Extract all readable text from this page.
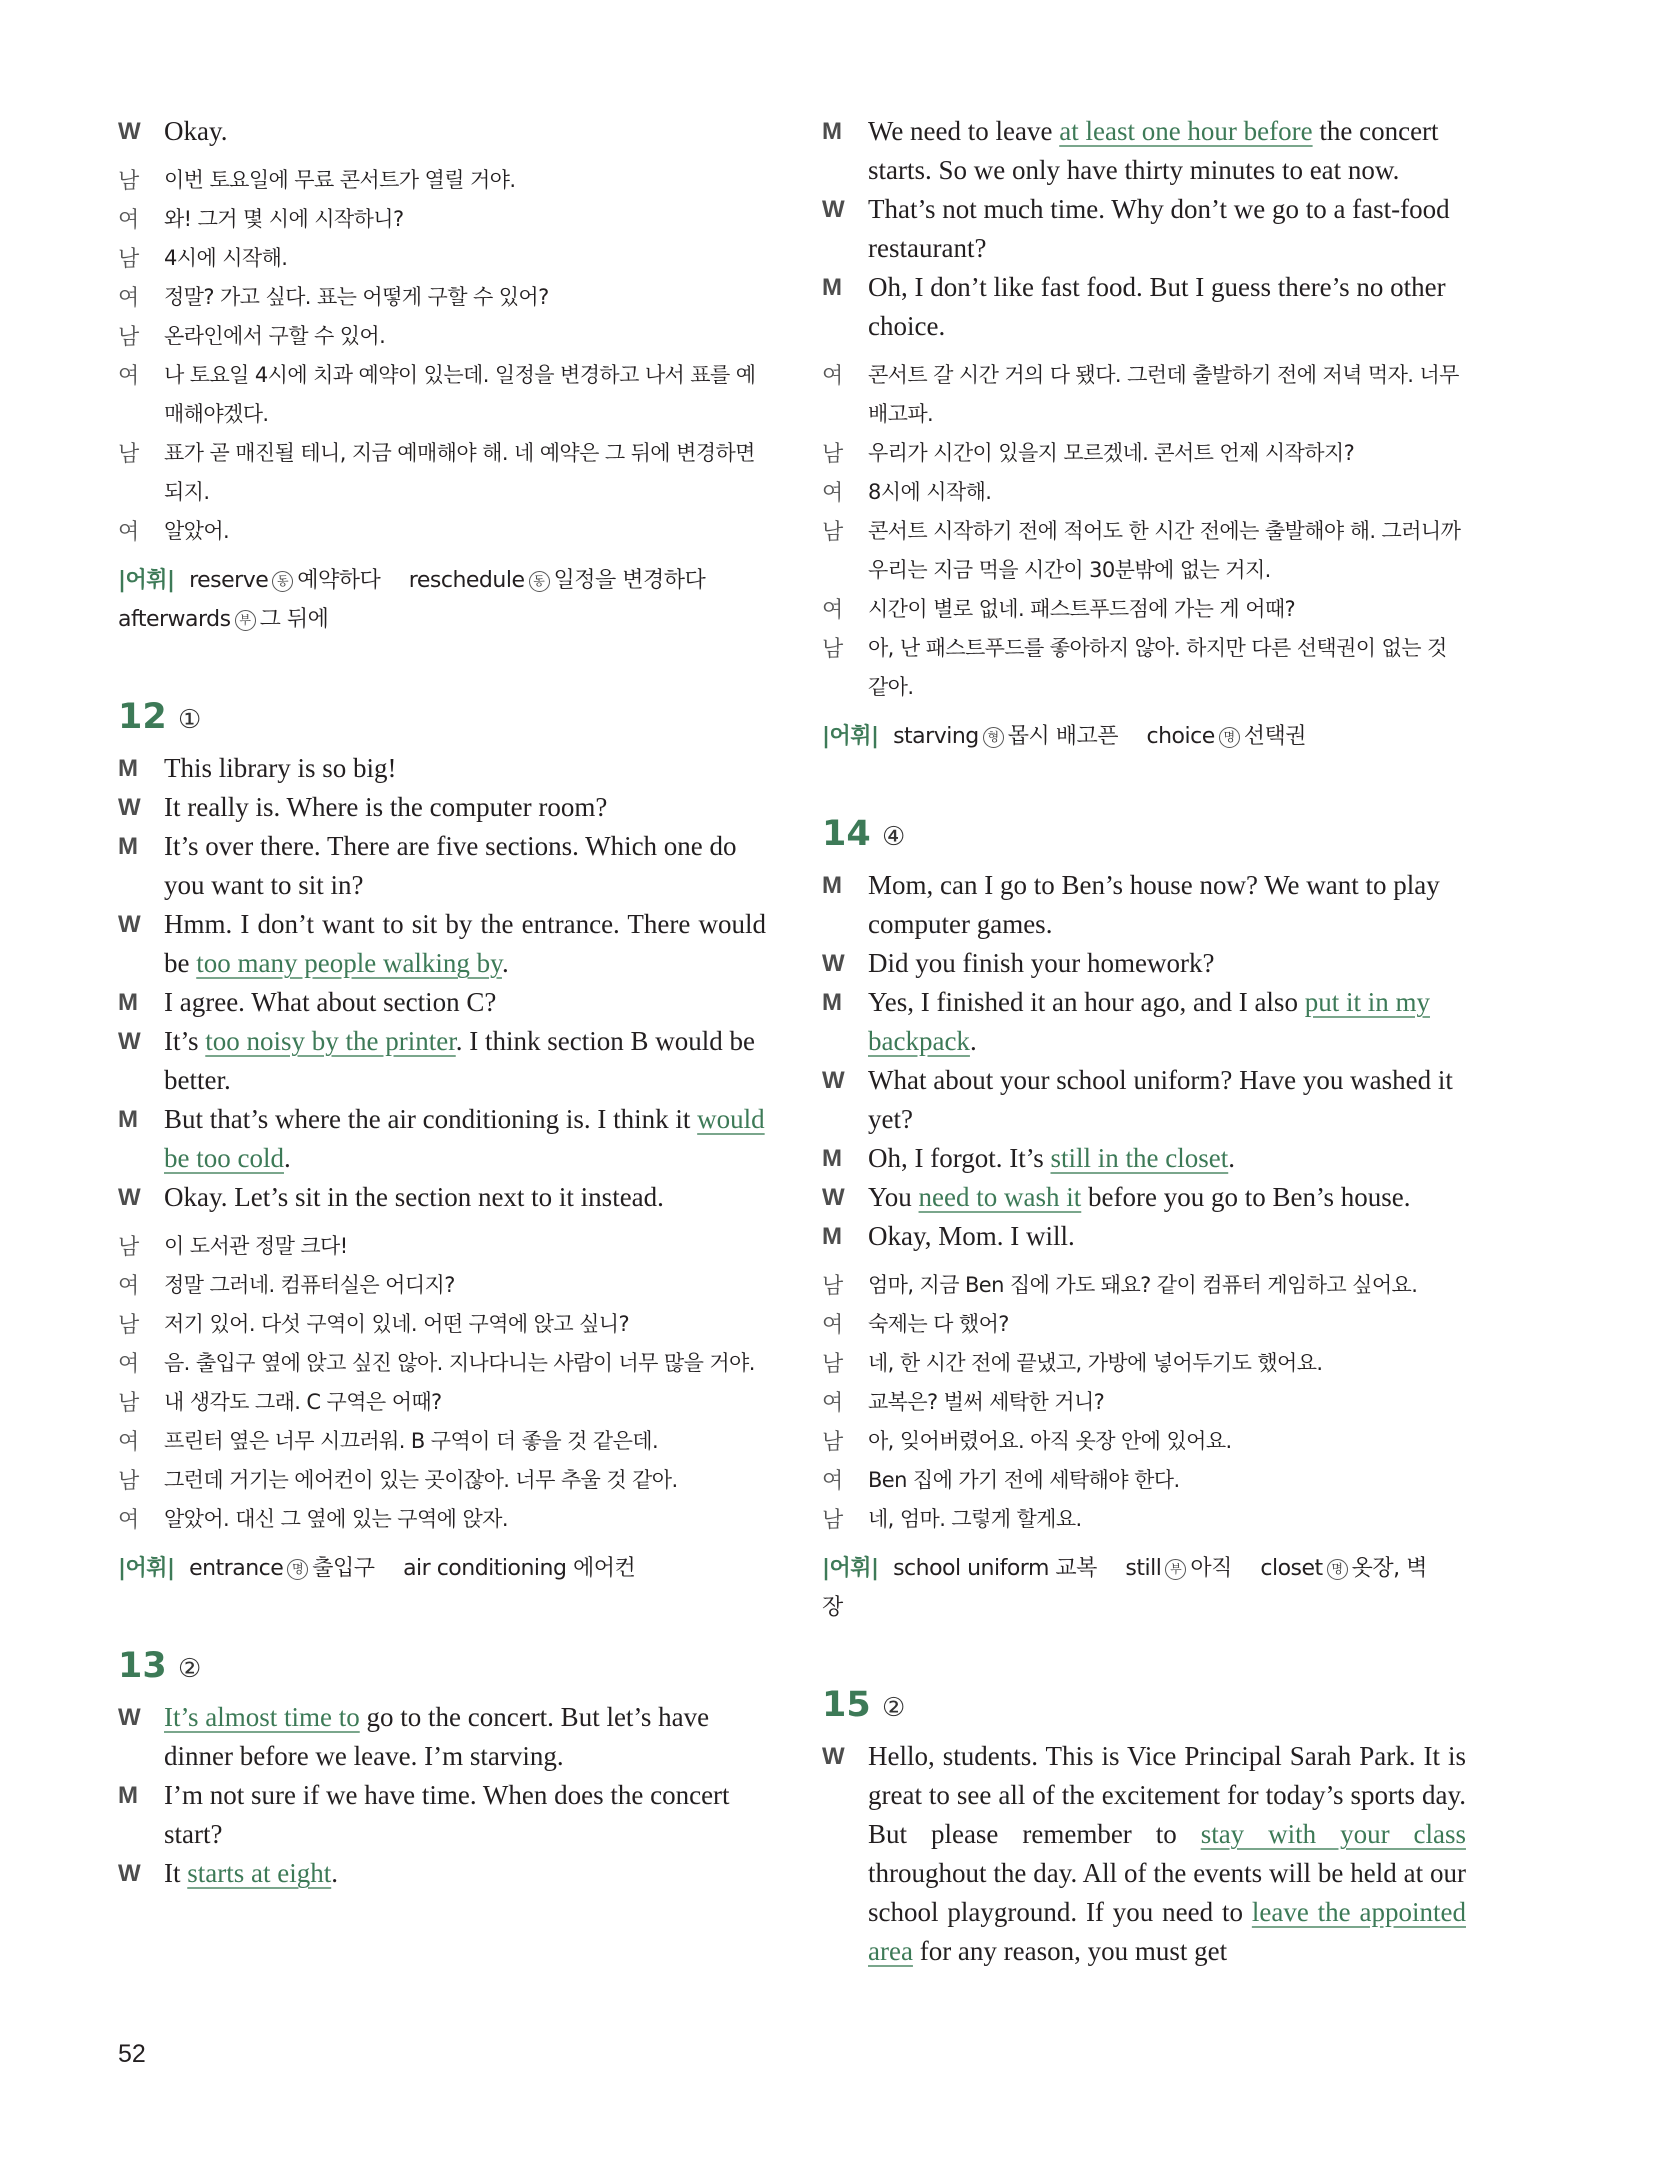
W Okay.
남	이번 토요일에 무료 콘서트가 열릴 거야.
여	와! 그거 몇 시에 시작하니?
남	4시에 시작해.
여	정말? 가고 싶다. 표는 어떻게 구할 수 있어?
남	온라인에서 구할 수 있어.
여	나 토요일 4시에 치과 예약이 있는데. 일정을 변경하고 나서 표를 예매해야겠다.
남	표가 곧 매진될 테니, 지금 예매해야 해. 네 예약은 그 뒤에 변경하면 되지.
여	알았어.
|어휘| reserve 동 예약하다 reschedule 동 일정을 변경하다 afterwards 부 그 뒤에
12 ①
M This library is so big!
W It really is. Where is the computer room?
M It’s over there. There are five sections. Which one do you want to sit in?
W Hmm. I don’t want to sit by the entrance. There would be too many people walking by.
M I agree. What about section C?
W It’s too noisy by the printer. I think section B would be better.
M But that’s where the air conditioning is. I think it would be too cold.
W Okay. Let’s sit in the section next to it instead.
남	이 도서관 정말 크다!
여	정말 그러네. 컴퓨터실은 어디지?
남	저기 있어. 다섯 구역이 있네. 어떤 구역에 앉고 싶니?
여	음. 출입구 옆에 앉고 싶진 않아. 지나다니는 사람이 너무 많을 거야.
남	내 생각도 그래. C 구역은 어때?
여	프린터 옆은 너무 시끄러워. B 구역이 더 좋을 것 같은데.
남	그런데 거기는 에어컨이 있는 곳이잖아. 너무 추울 것 같아.
여	알았어. 대신 그 옆에 있는 구역에 앉자.
|어휘| entrance 명 출입구 air conditioning 에어컨
13 ②
W It’s almost time to go to the concert. But let’s have dinner before we leave. I’m starving.
M I’m not sure if we have time. When does the concert start?
W It starts at eight.
M We need to leave at least one hour before the concert starts. So we only have thirty minutes to eat now.
W That’s not much time. Why don’t we go to a fast-food restaurant?
M Oh, I don’t like fast food. But I guess there’s no other choice.
여	콘서트 갈 시간 거의 다 됐다. 그런데 출발하기 전에 저녁 먹자. 너무 배고파.
남	우리가 시간이 있을지 모르겠네. 콘서트 언제 시작하지?
여	8시에 시작해.
남	콘서트 시작하기 전에 적어도 한 시간 전에는 출발해야 해. 그러니까 우리는 지금 먹을 시간이 30분밖에 없는 거지.
여	시간이 별로 없네. 패스트푸드점에 가는 게 어때?
남	아, 난 패스트푸드를 좋아하지 않아. 하지만 다른 선택권이 없는 것 같아.
|어휘| starving 형 몹시 배고픈 choice 명 선택권
14 ④
M Mom, can I go to Ben’s house now? We want to play computer games.
W Did you finish your homework?
M Yes, I finished it an hour ago, and I also put it in my backpack.
W What about your school uniform? Have you washed it yet?
M Oh, I forgot. It’s still in the closet.
W You need to wash it before you go to Ben’s house.
M Okay, Mom. I will.
남	엄마, 지금 Ben 집에 가도 돼요? 같이 컴퓨터 게임하고 싶어요.
여	숙제는 다 했어?
남	네, 한 시간 전에 끝냈고, 가방에 넣어두기도 했어요.
여	교복은? 벌써 세탁한 거니?
남	아, 잊어버렸어요. 아직 옷장 안에 있어요.
여	Ben 집에 가기 전에 세탁해야 한다.
남	네, 엄마. 그렇게 할게요.
|어휘| school uniform 교복 still 부 아직 closet 명 옷장, 벽장
15 ②
W Hello, students. This is Vice Principal Sarah Park. It is great to see all of the excitement for today’s sports day. But please remember to stay with your class throughout the day. All of the events will be held at our school playground. If you need to leave the appointed area for any reason, you must get
52
